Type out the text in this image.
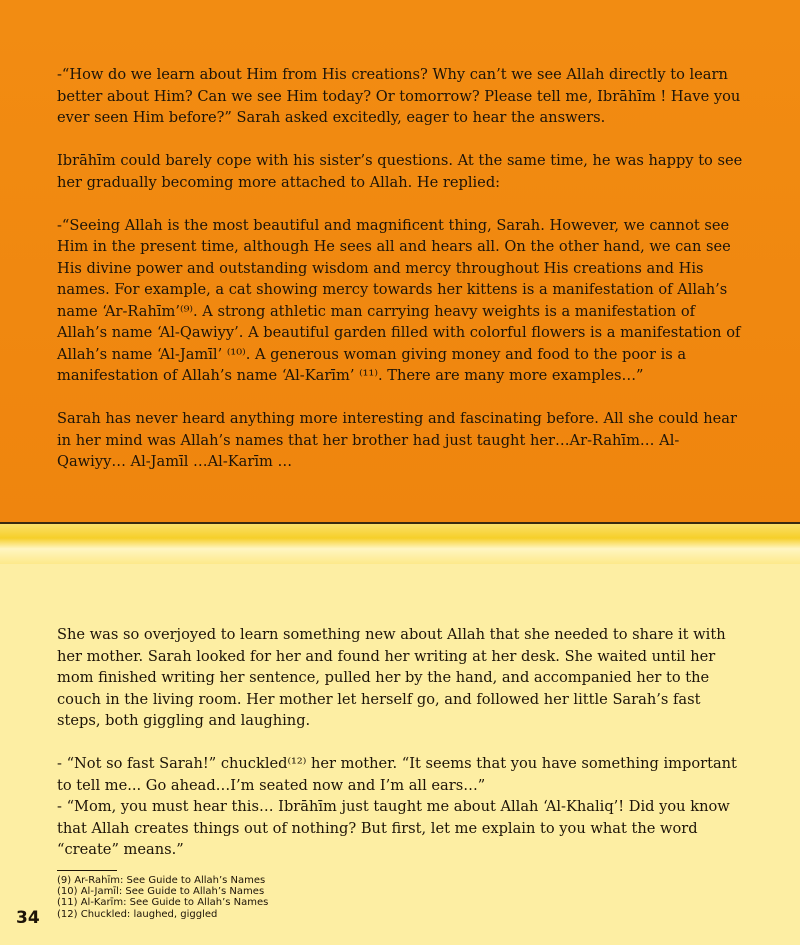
-“How do we learn about Him from His creations? Why can’t we see Allah directly to learn better about Him? Can we see Him today? Or tomorrow? Please tell me, Ibrāhīm ! Have you ever seen Him before?” Sarah asked excitedly, eager to hear the answers.

Ibrāhīm could barely cope with his sister’s questions. At the same time, he was happy to see her gradually becoming more attached to Allah. He replied:

-“Seeing Allah is the most beautiful and magnificent thing, Sarah. However, we cannot see Him in the present time, although He sees all and hears all. On the other hand, we can see His divine power and outstanding wisdom and mercy throughout His creations and His names. For example, a cat showing mercy towards her kittens is a manifestation of Allah’s name ‘Ar-Rahīm’⁽⁹⁾. A strong athletic man carrying heavy weights is a manifestation of Allah’s name ‘Al-Qawiyy’. A beautiful garden filled with colorful flowers is a manifestation of Allah’s name ‘Al-Jamīl’ ⁽¹⁰⁾. A generous woman giving money and food to the poor is a manifestation of Allah’s name ‘Al-Karīm’ ⁽¹¹⁾. There are many more examples…”

Sarah has never heard anything more interesting and fascinating before. All she could hear in her mind was Allah’s names that her brother had just taught her…Ar-Rahīm… Al-Qawiyy… Al-Jamīl …Al-Karīm …

She was so overjoyed to learn something new about Allah that she needed to share it with her mother. Sarah looked for her and found her writing at her desk. She waited until her mom finished writing her sentence, pulled her by the hand, and accompanied her to the couch in the living room. Her mother let herself go, and followed her little Sarah’s fast steps, both giggling and laughing.

- “Not so fast Sarah!” chuckled⁽¹²⁾ her mother. “It seems that you have something important to tell me... Go ahead…I’m seated now and I’m all ears…”

- “Mom, you must hear this… Ibrāhīm just taught me about Allah ‘Al-Khaliq’! Did you know that Allah creates things out of nothing? But first, let me explain to you what the word “create” means.”

(9) Ar-Rahīm: See Guide to Allah’s Names
(10) Al-Jamīl: See Guide to Allah’s Names
(11) Al-Karīm: See Guide to Allah’s Names
(12) Chuckled: laughed, giggled
34
